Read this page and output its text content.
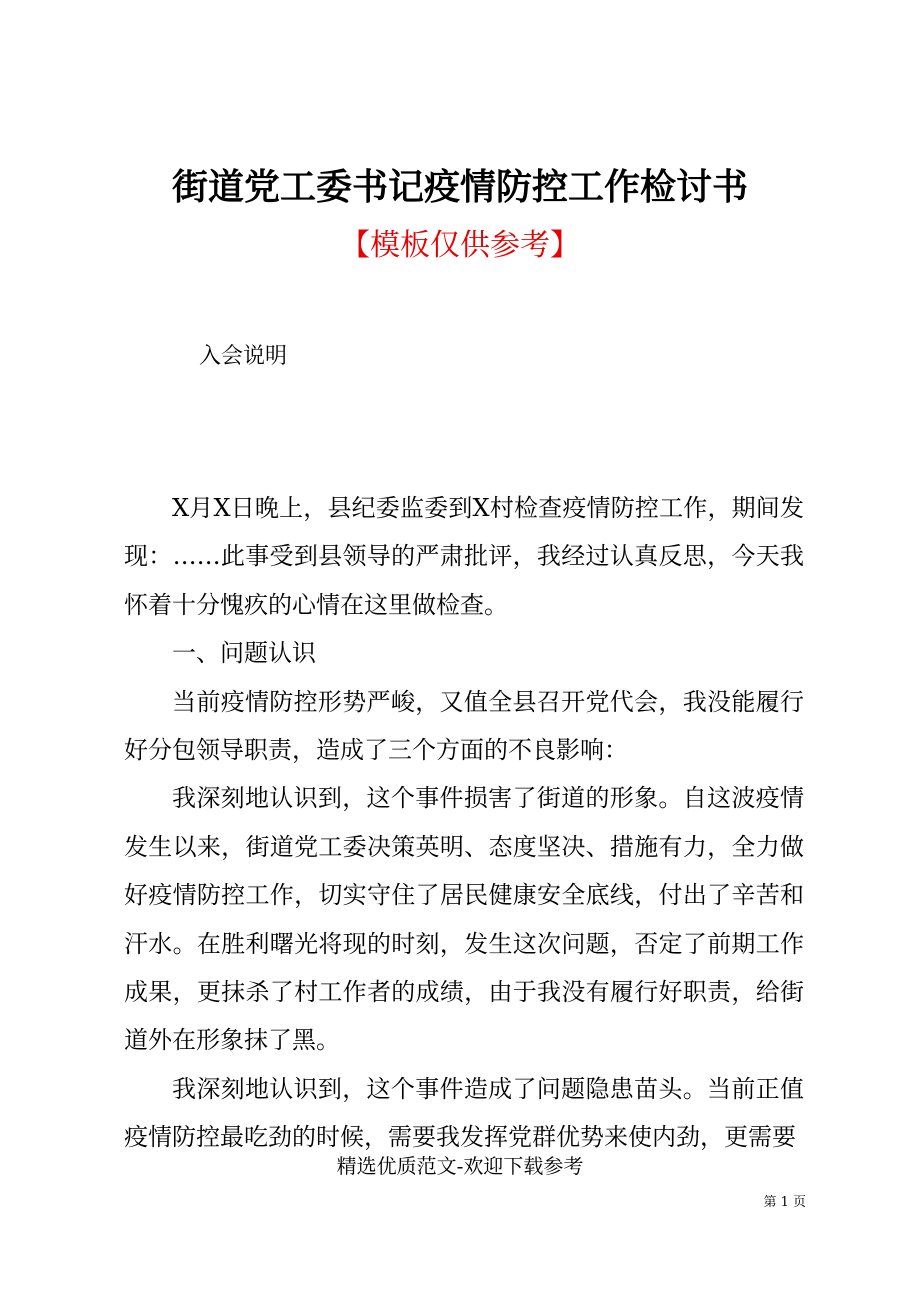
街道党工委书记疫情防控工作检讨书
【模板仅供参考】
入会说明

X月X日晚上，县纪委监委到X村检查疫情防控工作，期间发现：……此事受到县领导的严肃批评，我经过认真反思，今天我怀着十分愧疚的心情在这里做检查。

一、问题认识

当前疫情防控形势严峻，又值全县召开党代会，我没能履行好分包领导职责，造成了三个方面的不良影响：

我深刻地认识到，这个事件损害了街道的形象。自这波疫情发生以来，街道党工委决策英明、态度坚决、措施有力，全力做好疫情防控工作，切实守住了居民健康安全底线，付出了辛苦和汗水。在胜利曙光将现的时刻，发生这次问题，否定了前期工作成果，更抹杀了村工作者的成绩，由于我没有履行好职责，给街道外在形象抹了黑。

我深刻地认识到，这个事件造成了问题隐患苗头。当前正值疫情防控最吃劲的时候，需要我发挥党群优势来使内劲，更需要

精选优质范文-欢迎下载参考
第 1 页
